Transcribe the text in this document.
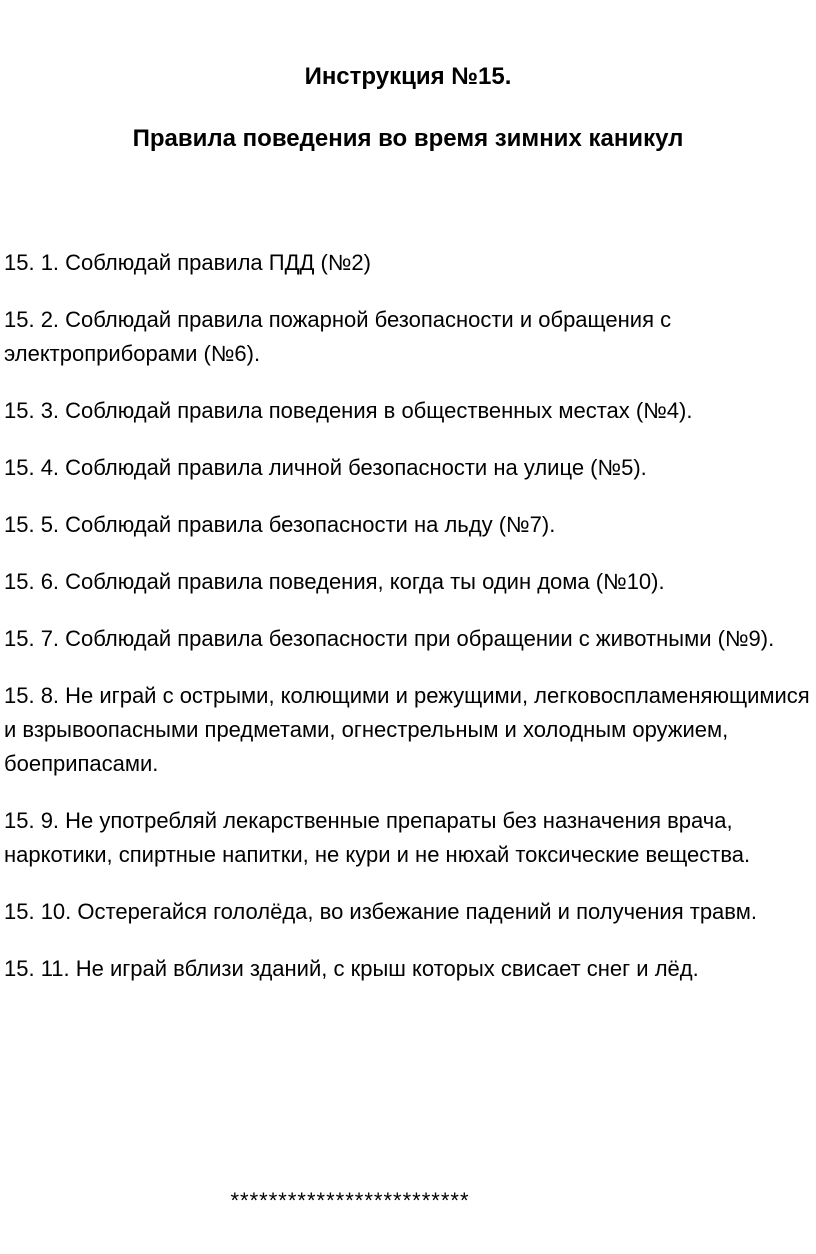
Инструкция №15.
Правила поведения во время зимних каникул
15. 1. Соблюдай правила ПДД (№2)
15. 2. Соблюдай правила пожарной безопасности и обращения с электроприборами (№6).
15. 3. Соблюдай правила поведения в общественных местах (№4).
15. 4. Соблюдай правила личной безопасности на улице (№5).
15. 5. Соблюдай правила безопасности на льду (№7).
15. 6. Соблюдай правила поведения, когда ты один дома (№10).
15. 7. Соблюдай правила безопасности при обращении с животными (№9).
15. 8. Не играй с острыми, колющими и режущими, легковоспламеняющимися и взрывоопасными предметами, огнестрельным и холодным оружием, боеприпасами.
15. 9. Не употребляй лекарственные препараты без назначения врача, наркотики, спиртные напитки, не кури и не нюхай токсические вещества.
15. 10. Остерегайся гололёда, во избежание падений и получения травм.
15. 11. Не играй вблизи зданий, с крыш которых свисает снег и лёд.
*************************
